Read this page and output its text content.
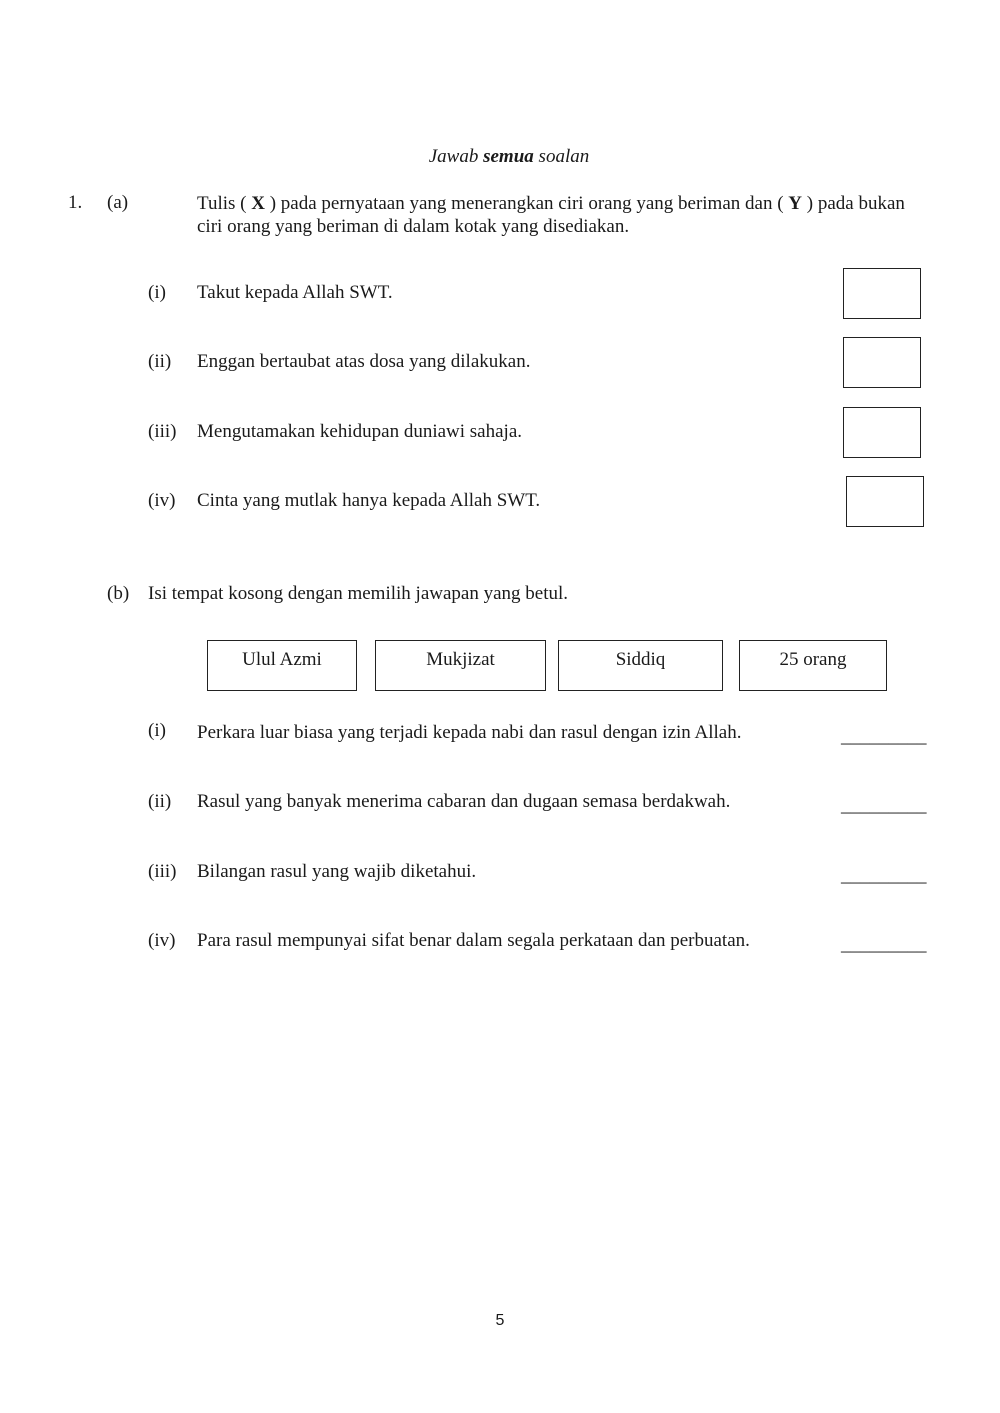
Jawab semua soalan
1. (a)	Tulis ( X ) pada pernyataan yang menerangkan ciri orang yang beriman dan ( Y ) pada bukan ciri orang yang beriman di dalam kotak yang disediakan.
(i) Takut kepada Allah SWT.
(ii) Enggan bertaubat atas dosa yang dilakukan.
(iii) Mengutamakan kehidupan duniawi sahaja.
(iv) Cinta yang mutlak hanya kepada Allah SWT.
(b) Isi tempat kosong dengan memilih jawapan yang betul.
Ulul Azmi	Mukjizat	Siddiq	25 orang
(i) Perkara luar biasa yang terjadi kepada nabi dan rasul dengan izin Allah.	_________
(ii) Rasul yang banyak menerima cabaran dan dugaan semasa berdakwah.	_________
(iii) Bilangan rasul yang wajib diketahui.	_________
(iv) Para rasul mempunyai sifat benar dalam segala perkataan dan perbuatan.	_________
5
